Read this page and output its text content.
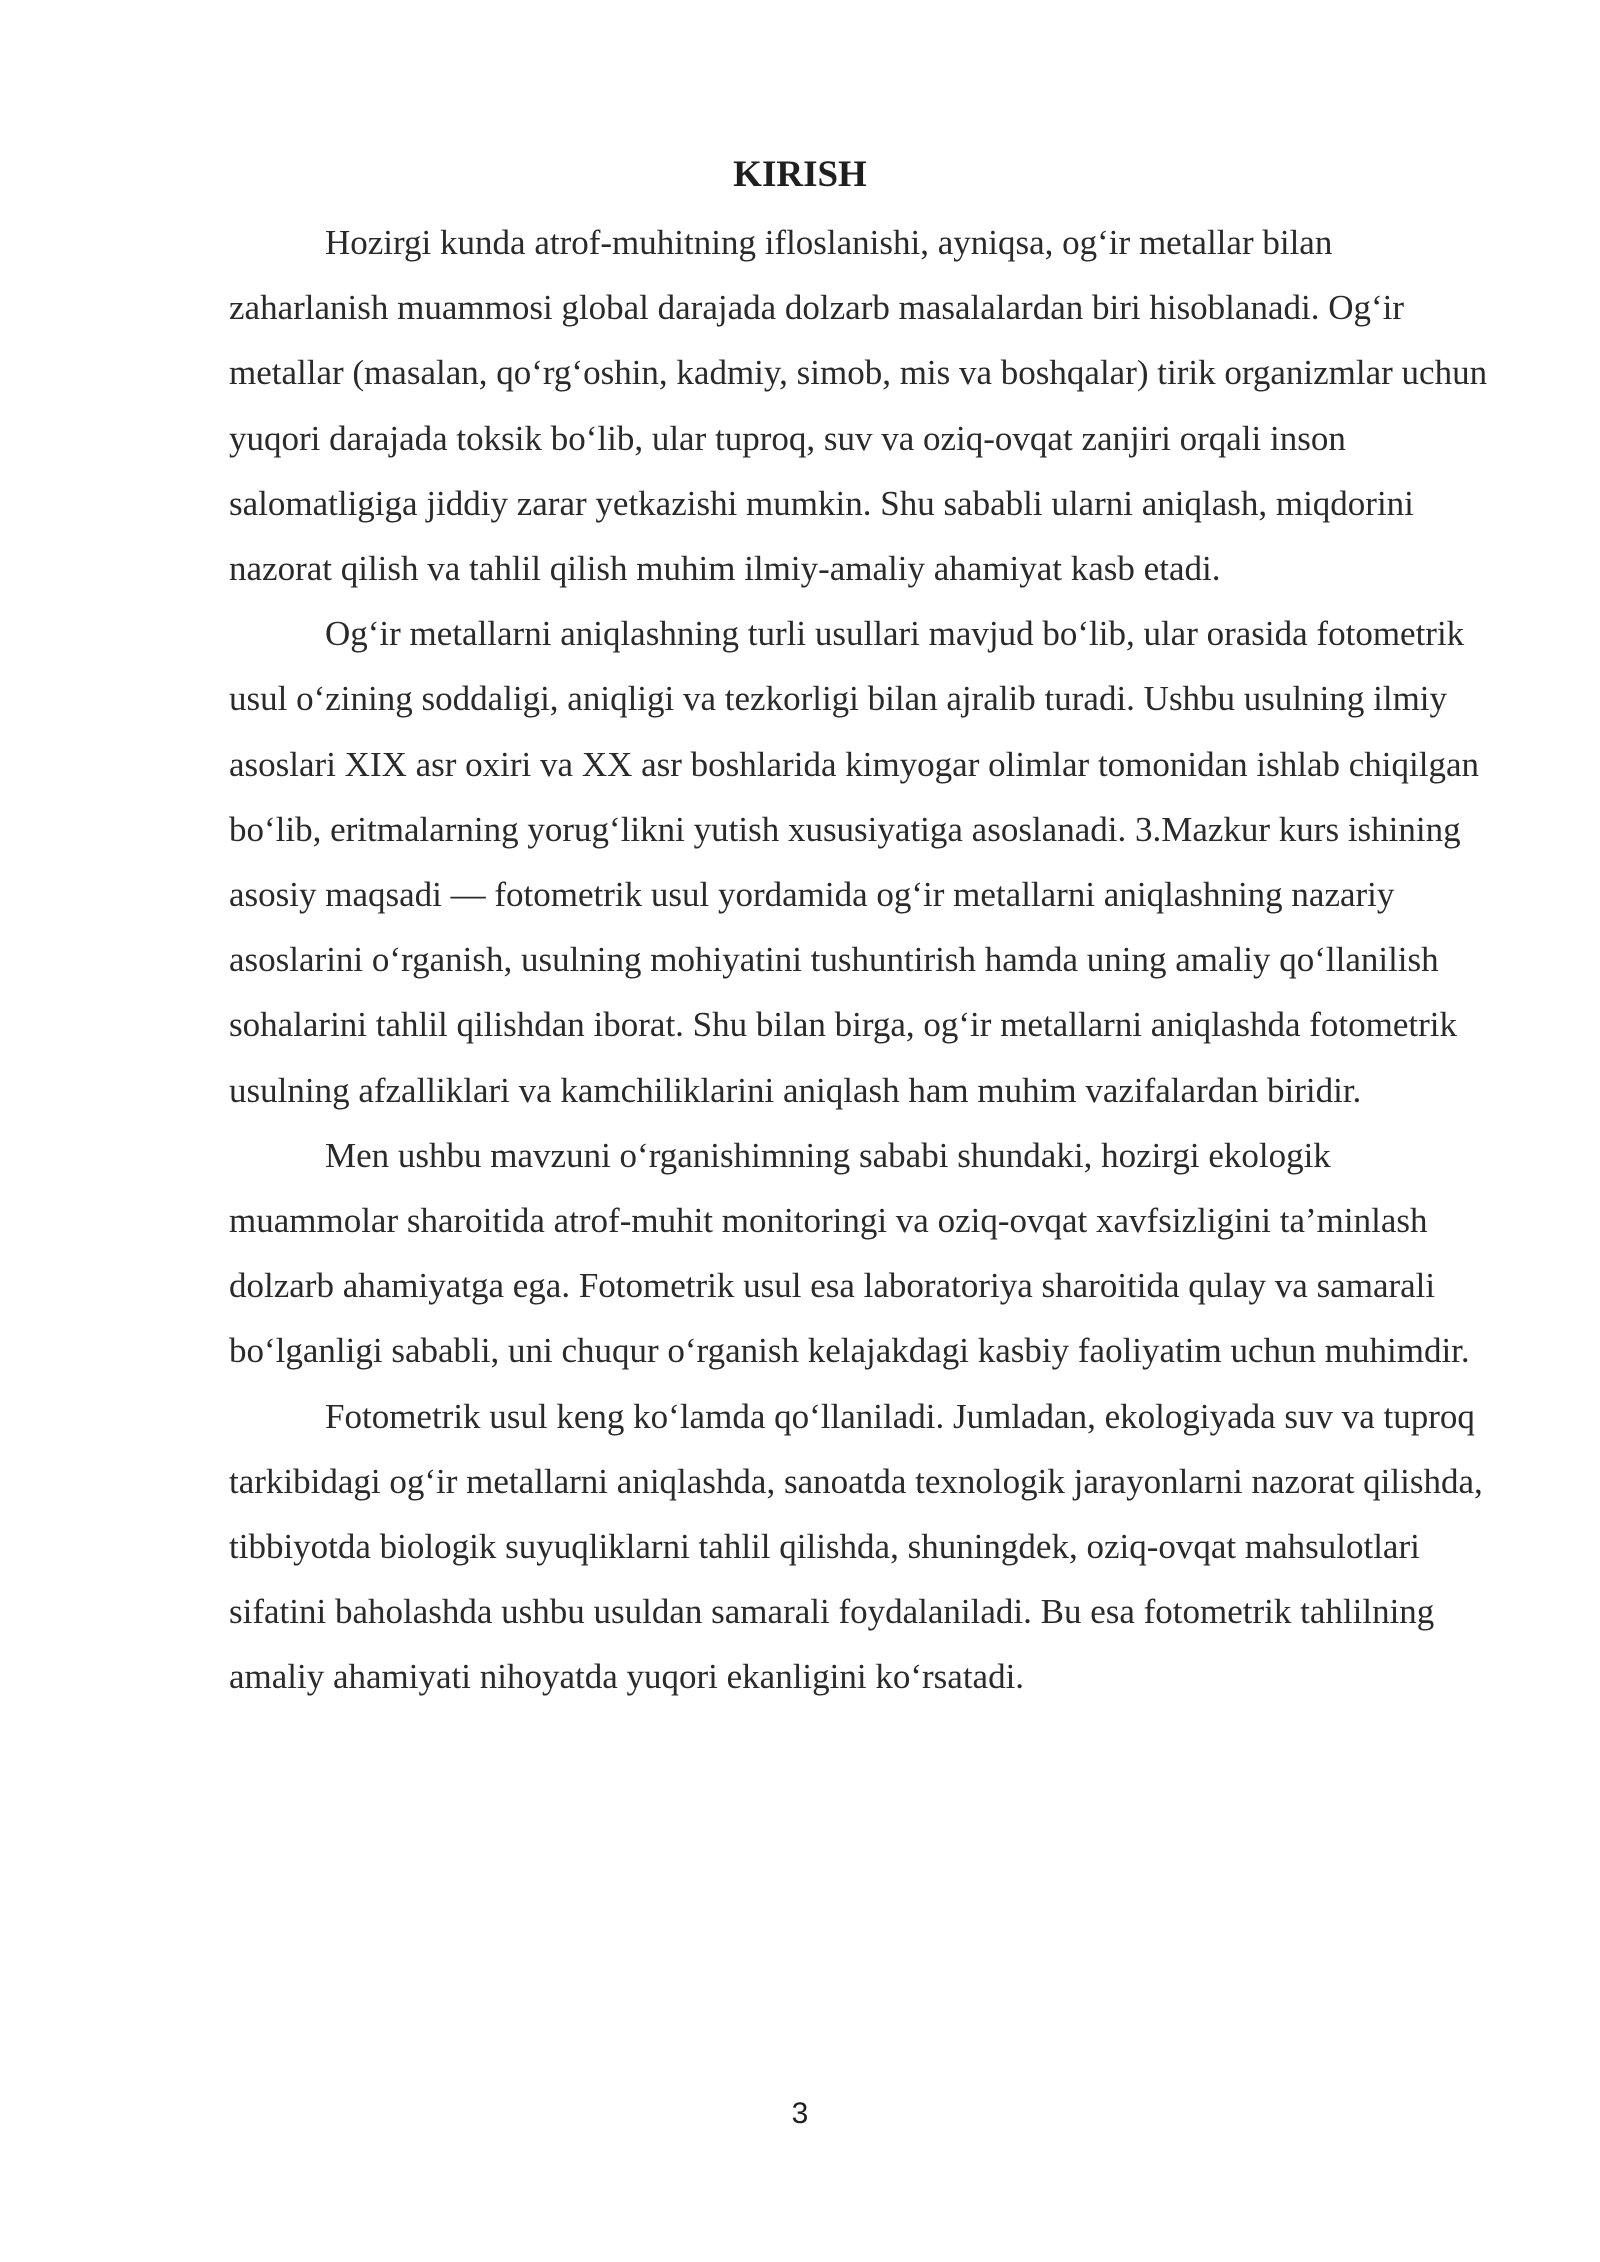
KIRISH

Hozirgi kunda atrof-muhitning ifloslanishi, ayniqsa, og‘ir metallar bilan zaharlanish muammosi global darajada dolzarb masalalardan biri hisoblanadi. Og‘ir metallar (masalan, qo‘rg‘oshin, kadmiy, simob, mis va boshqalar) tirik organizmlar uchun yuqori darajada toksik bo‘lib, ular tuproq, suv va oziq-ovqat zanjiri orqali inson salomatligiga jiddiy zarar yetkazishi mumkin. Shu sababli ularni aniqlash, miqdorini nazorat qilish va tahlil qilish muhim ilmiy-amaliy ahamiyat kasb etadi.

Og‘ir metallarni aniqlashning turli usullari mavjud bo‘lib, ular orasida fotometrik usul o‘zining soddaligi, aniqligi va tezkorligi bilan ajralib turadi. Ushbu usulning ilmiy asoslari XIX asr oxiri va XX asr boshlarida kimyogar olimlar tomonidan ishlab chiqilgan bo‘lib, eritmalarning yorug‘likni yutish xususiyatiga asoslanadi. 3.Mazkur kurs ishining asosiy maqsadi — fotometrik usul yordamida og‘ir metallarni aniqlashning nazariy asoslarini o‘rganish, usulning mohiyatini tushuntirish hamda uning amaliy qo‘llanilish sohalarini tahlil qilishdan iborat. Shu bilan birga, og‘ir metallarni aniqlashda fotometrik usulning afzalliklari va kamchiliklarini aniqlash ham muhim vazifalardan biridir.

Men ushbu mavzuni o‘rganishimning sababi shundaki, hozirgi ekologik muammolar sharoitida atrof-muhit monitoringi va oziq-ovqat xavfsizligini ta’minlash dolzarb ahamiyatga ega. Fotometrik usul esa laboratoriya sharoitida qulay va samarali bo‘lganligi sababli, uni chuqur o‘rganish kelajakdagi kasbiy faoliyatim uchun muhimdir.

Fotometrik usul keng ko‘lamda qo‘llaniladi. Jumladan, ekologiyada suv va tuproq tarkibidagi og‘ir metallarni aniqlashda, sanoatda texnologik jarayonlarni nazorat qilishda, tibbiyotda biologik suyuqliklarni tahlil qilishda, shuningdek, oziq-ovqat mahsulotlari sifatini baholashda ushbu usuldan samarali foydalaniladi. Bu esa fotometrik tahlilning amaliy ahamiyati nihoyatda yuqori ekanligini ko‘rsatadi.

3
